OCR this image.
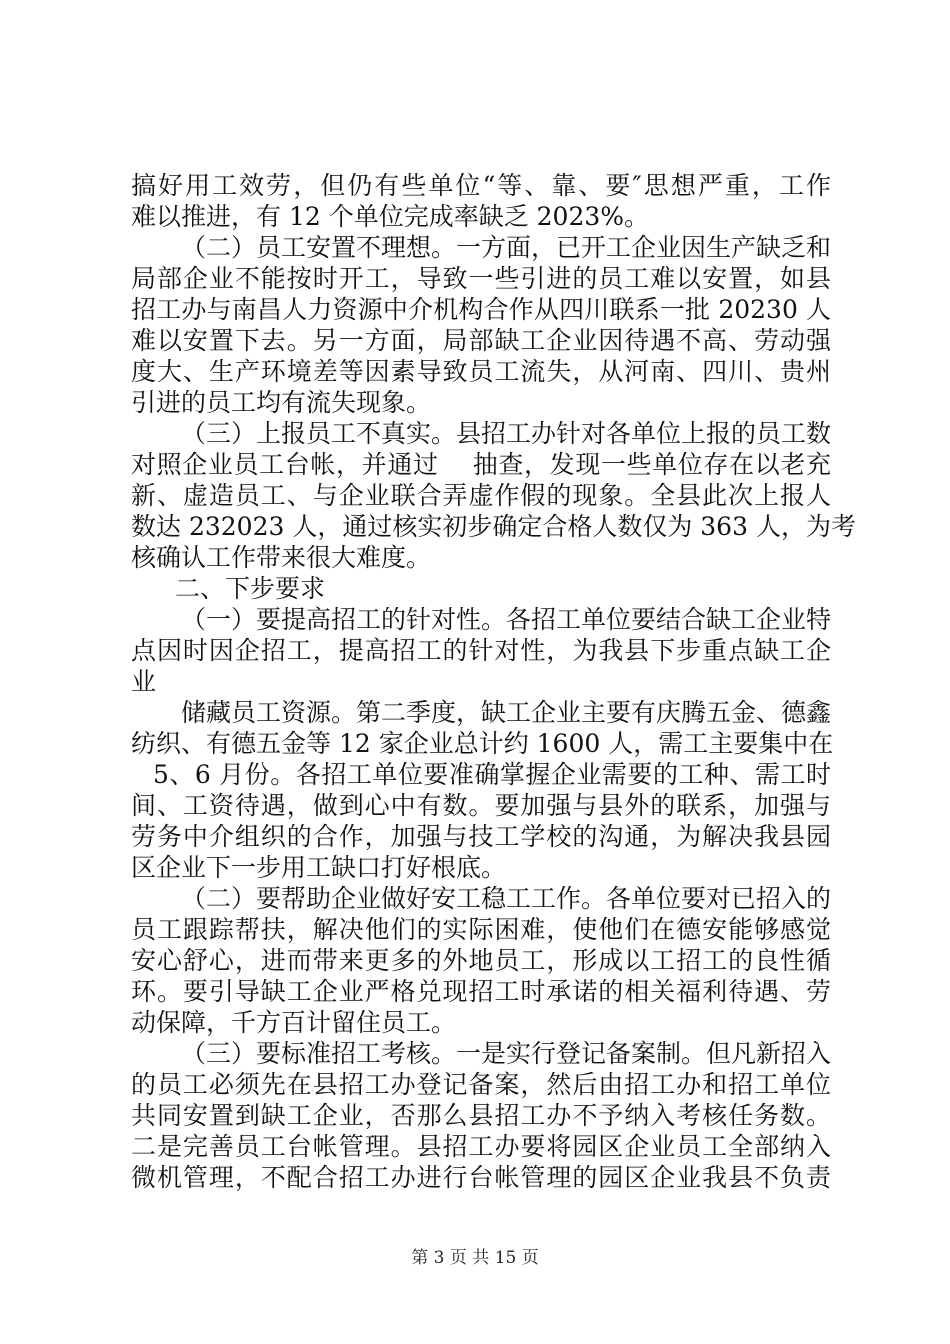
搞好用工效劳，但仍有些单位“等、靠、要″思想严重，工作
难以推进，有 12 个单位完成率缺乏 2023%。
（二）员工安置不理想。一方面，已开工企业因生产缺乏和
局部企业不能按时开工，导致一些引进的员工难以安置，如县
招工办与南昌人力资源中介机构合作从四川联系一批 20230 人
难以安置下去。另一方面，局部缺工企业因待遇不高、劳动强
度大、生产环境差等因素导致员工流失，从河南、四川、贵州
引进的员工均有流失现象。
（三）上报员工不真实。县招工办针对各单位上报的员工数
对照企业员工台帐，并通过　 抽查，发现一些单位存在以老充
新、虚造员工、与企业联合弄虚作假的现象。全县此次上报人
数达 232023 人，通过核实初步确定合格人数仅为 363 人，为考
核确认工作带来很大难度。
二、下步要求
（一）要提高招工的针对性。各招工单位要结合缺工企业特
点因时因企招工，提高招工的针对性，为我县下步重点缺工企
业
储藏员工资源。第二季度，缺工企业主要有庆腾五金、德鑫
纺织、有德五金等 12 家企业总计约 1600 人，需工主要集中在
5、6 月份。各招工单位要准确掌握企业需要的工种、需工时
间、工资待遇，做到心中有数。要加强与县外的联系，加强与
劳务中介组织的合作，加强与技工学校的沟通，为解决我县园
区企业下一步用工缺口打好根底。
（二）要帮助企业做好安工稳工工作。各单位要对已招入的
员工跟踪帮扶，解决他们的实际困难，使他们在德安能够感觉
安心舒心，进而带来更多的外地员工，形成以工招工的良性循
环。要引导缺工企业严格兑现招工时承诺的相关福利待遇、劳
动保障，千方百计留住员工。
（三）要标准招工考核。一是实行登记备案制。但凡新招入
的员工必须先在县招工办登记备案，然后由招工办和招工单位
共同安置到缺工企业，否那么县招工办不予纳入考核任务数。
二是完善员工台帐管理。县招工办要将园区企业员工全部纳入
微机管理，不配合招工办进行台帐管理的园区企业我县不负责
第 3 页 共 15 页
